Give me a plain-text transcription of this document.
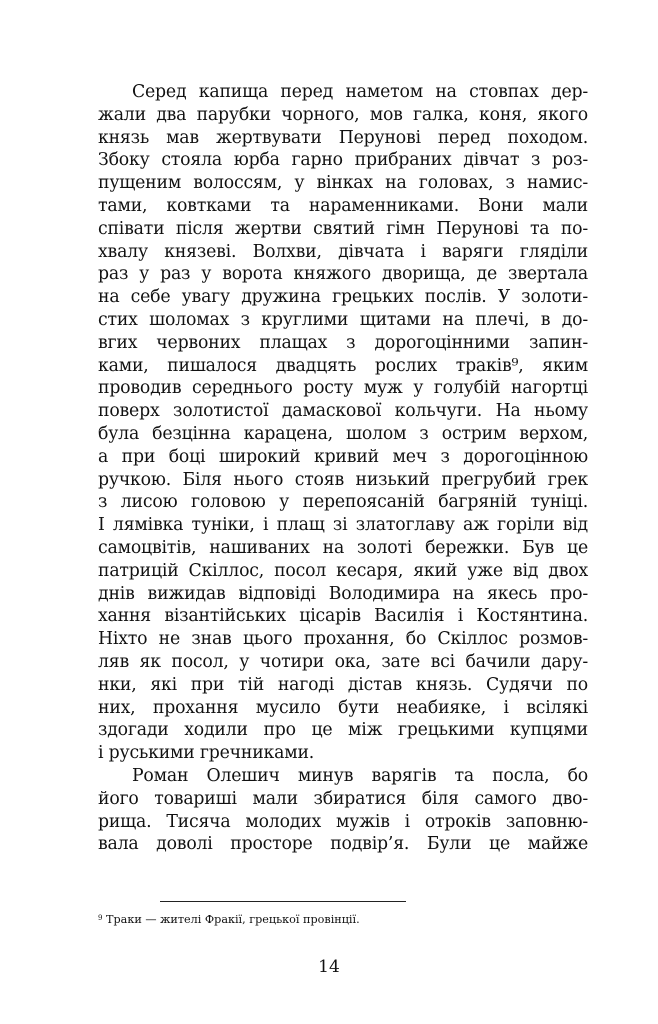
Серед капища перед наметом на стовпах дер-
жали два парубки чорного, мов галка, коня, якого
князь мав жертвувати Перунові перед походом.
Збоку стояла юрба гарно прибраних дівчат з роз-
пущеним волоссям, у вінках на головах, з намис-
тами, ковтками та нараменниками. Вони мали
співати після жертви святий гімн Перунові та по-
хвалу князеві. Волхви, дівчата і варяги гляділи
раз у раз у ворота княжого дворища, де звертала
на себе увагу дружина грецьких послів. У золоти-
стих шоломах з круглими щитами на плечі, в до-
вгих червоних плащах з дорогоцінними запин-
ками, пишалося двадцять рослих траків⁹, яким
проводив середнього росту муж у голубій нагортці
поверх золотистої дамаскової кольчуги. На ньому
була безцінна карацена, шолом з острим верхом,
а при боці широкий кривий меч з дорогоцінною
ручкою. Біля нього стояв низький прегрубий грек
з лисою головою у перепоясаній багряній туніці.
І лямівка туніки, і плащ зі златоглаву аж горіли від
самоцвітів, нашиваних на золоті бережки. Був це
патрицій Скіллос, посол кесаря, який уже від двох
днів вижидав відповіді Володимира на якесь про-
хання візантійських цісарів Василія і Костянтина.
Ніхто не знав цього прохання, бо Скіллос розмов-
ляв як посол, у чотири ока, зате всі бачили дару-
нки, які при тій нагоді дістав князь. Судячи по
них, прохання мусило бути неабияке, і всілякі
здогади ходили про це між грецькими купцями
і руськими гречниками.
Роман Олешич минув варягів та посла, бо
його товариші мали збиратися біля самого дво-
рища. Тисяча молодих мужів і отроків заповню-
вала доволі просторе подвір’я. Були це майже
$^9$ Траки — жителі Фракії, грецької провінції.
14
